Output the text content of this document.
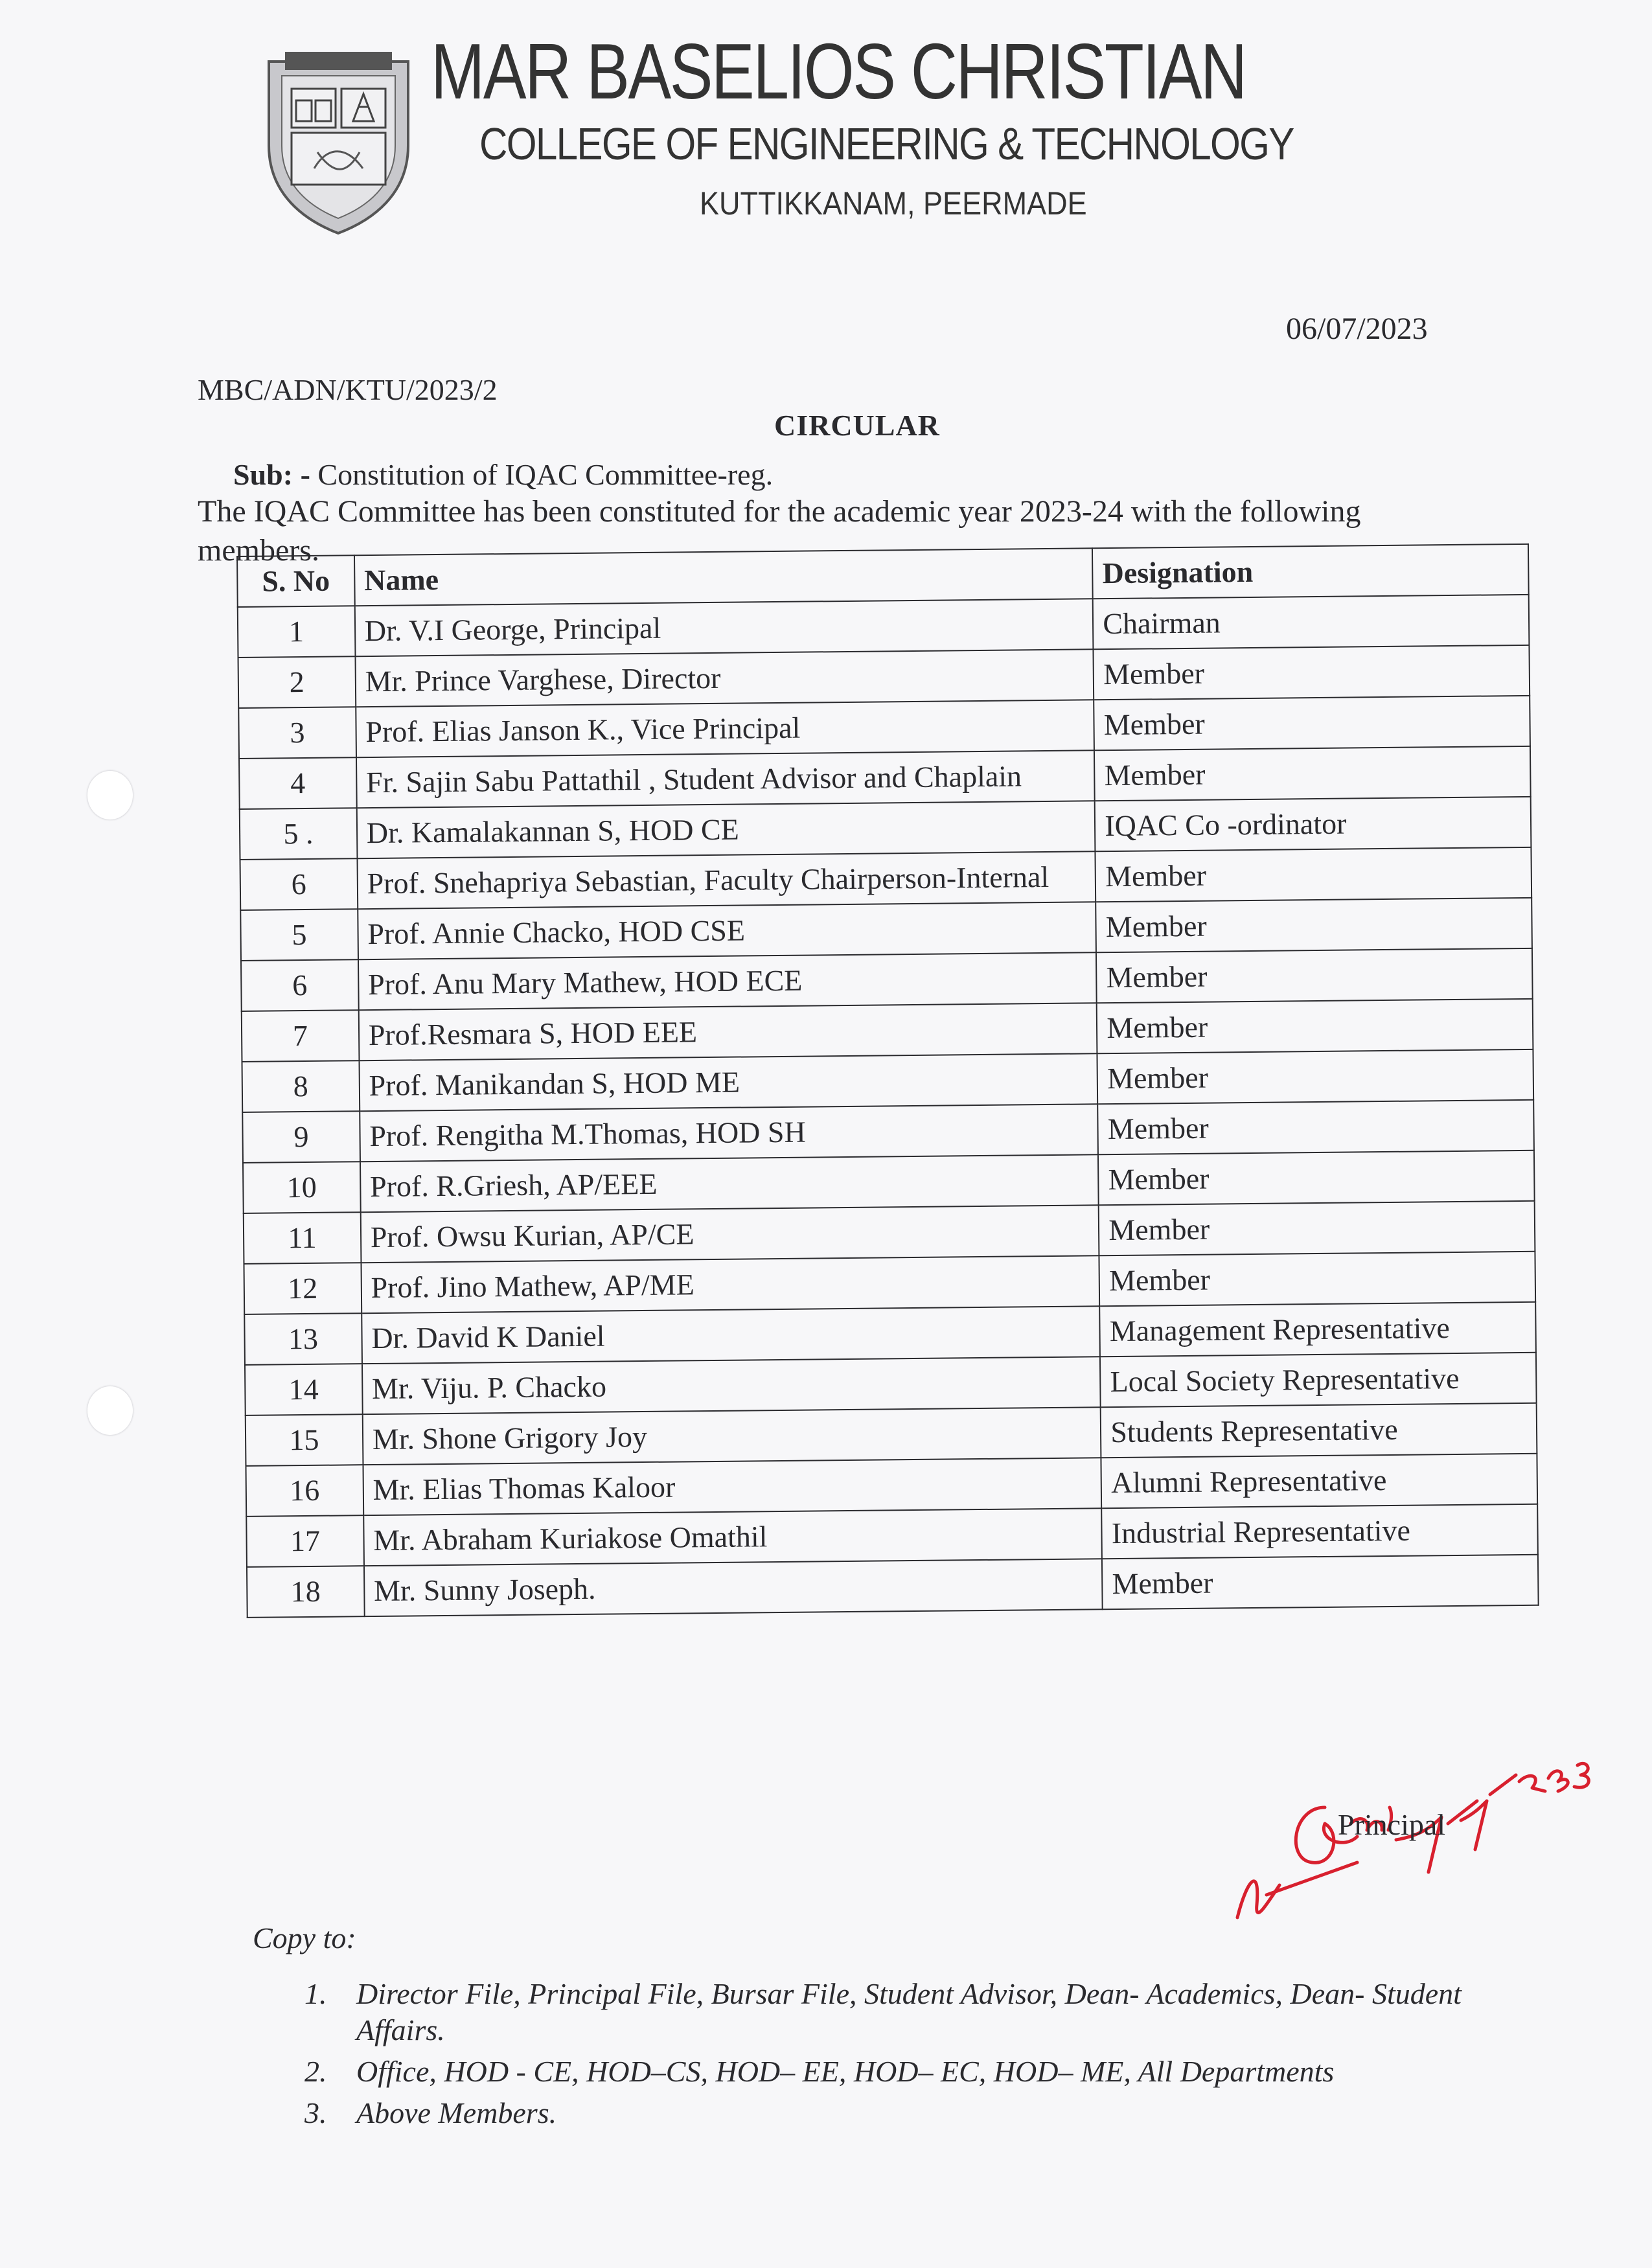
MAR BASELIOS CHRISTIAN
COLLEGE OF ENGINEERING & TECHNOLOGY
KUTTIKKANAM, PEERMADE
06/07/2023
MBC/ADN/KTU/2023/2
CIRCULAR
Sub: - Constitution of IQAC Committee-reg.
The IQAC Committee has been constituted for the academic year 2023-24 with the following members.
S. No	Name	Designation
1	Dr. V.I George, Principal	Chairman
2	Mr. Prince Varghese, Director	Member
3	Prof. Elias Janson K., Vice Principal	Member
4	Fr. Sajin Sabu Pattathil , Student Advisor and Chaplain	Member
5 .	Dr. Kamalakannan S, HOD CE	IQAC Co -ordinator
6	Prof. Snehapriya Sebastian, Faculty Chairperson-Internal	Member
5	Prof. Annie Chacko, HOD CSE	Member
6	Prof. Anu Mary Mathew, HOD ECE	Member
7	Prof.Resmara S, HOD EEE	Member
8	Prof. Manikandan S, HOD ME	Member
9	Prof. Rengitha M.Thomas, HOD SH	Member
10	Prof. R.Griesh, AP/EEE	Member
11	Prof. Owsu Kurian, AP/CE	Member
12	Prof. Jino Mathew, AP/ME	Member
13	Dr. David K Daniel	Management Representative
14	Mr. Viju. P. Chacko	Local Society Representative
15	Mr. Shone Grigory Joy	Students Representative
16	Mr. Elias Thomas Kaloor	Alumni Representative
17	Mr. Abraham Kuriakose Omathil	Industrial Representative
18	Mr. Sunny Joseph.	Member
Principal
Copy to:
1. Director File, Principal File, Bursar File, Student Advisor, Dean- Academics, Dean- Student Affairs.
2. Office, HOD - CE, HOD–CS, HOD– EE, HOD– EC, HOD– ME, All Departments
3. Above Members.
